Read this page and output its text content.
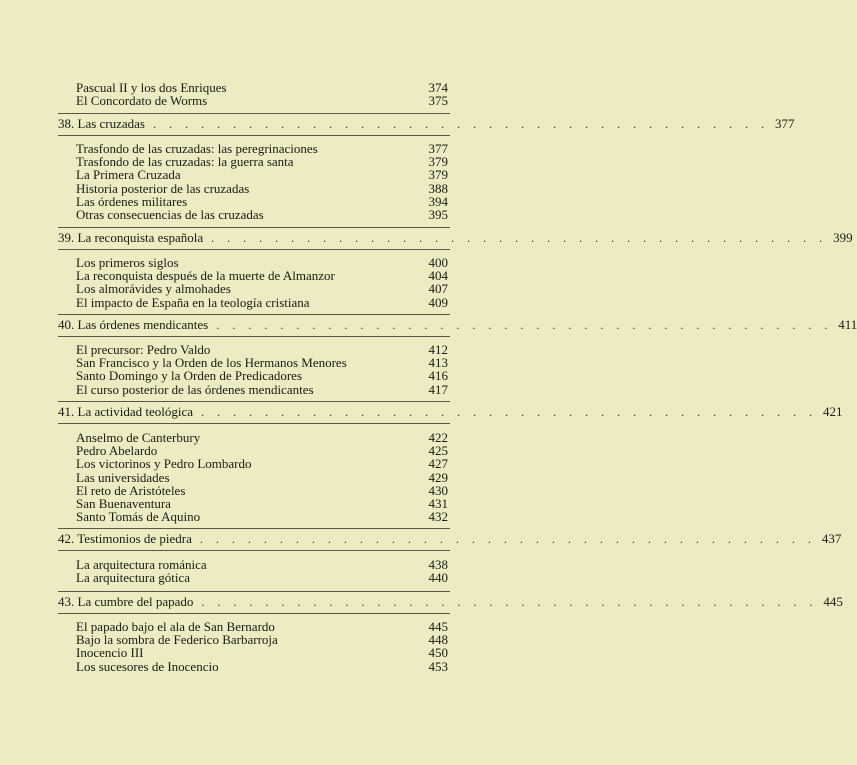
Pascual II y los dos Enriques	374
El Concordato de Worms	375
38. Las cruzadas . . . . . . . . . . . . . . . . . . . . . . . . . . . . . . . . . . . . . . . 377
Trasfondo de las cruzadas: las peregrinaciones	377
Trasfondo de las cruzadas: la guerra santa	379
La Primera Cruzada	379
Historia posterior de las cruzadas	388
Las órdenes militares	394
Otras consecuencias de las cruzadas	395
39. La reconquista española . . . . . . . . . . . . . . . . . . . . . . . . . . . . . . . . . . . . . . . 399
Los primeros siglos	400
La reconquista después de la muerte de Almanzor	404
Los almorávides y almohades	407
El impacto de España en la teología cristiana	409
40. Las órdenes mendicantes . . . . . . . . . . . . . . . . . . . . . . . . . . . . . . . . . . . . . . . 411
El precursor: Pedro Valdo	412
San Francisco y la Orden de los Hermanos Menores	413
Santo Domingo y la Orden de Predicadores	416
El curso posterior de las órdenes mendicantes	417
41. La actividad teológica . . . . . . . . . . . . . . . . . . . . . . . . . . . . . . . . . . . . . . . 421
Anselmo de Canterbury	422
Pedro Abelardo	425
Los victorinos y Pedro Lombardo	427
Las universidades	429
El reto de Aristóteles	430
San Buenaventura	431
Santo Tomás de Aquino	432
42. Testimonios de piedra . . . . . . . . . . . . . . . . . . . . . . . . . . . . . . . . . . . . . . . 437
La arquitectura románica	438
La arquitectura gótica	440
43. La cumbre del papado . . . . . . . . . . . . . . . . . . . . . . . . . . . . . . . . . . . . . . . 445
El papado bajo el ala de San Bernardo	445
Bajo la sombra de Federico Barbarroja	448
Inocencio III	450
Los sucesores de Inocencio	453
